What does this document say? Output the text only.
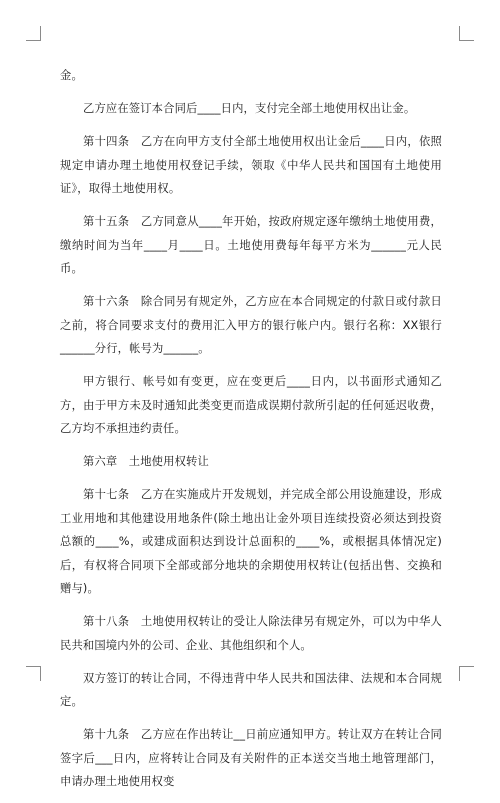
金。

乙方应在签订本合同后____日内，支付完全部土地使用权出让金。

第十四条　乙方在向甲方支付全部土地使用权出让金后____日内，依照规定申请办理土地使用权登记手续，领取《中华人民共和国国有土地使用证》，取得土地使用权。

第十五条　乙方同意从____年开始，按政府规定逐年缴纳土地使用费，缴纳时间为当年____月____日。土地使用费每年每平方米为______元人民币。

第十六条　除合同另有规定外，乙方应在本合同规定的付款日或付款日之前，将合同要求支付的费用汇入甲方的银行帐户内。银行名称：XX银行______分行，帐号为______。

甲方银行、帐号如有变更，应在变更后____日内，以书面形式通知乙方，由于甲方未及时通知此类变更而造成误期付款所引起的任何延迟收费，乙方均不承担违约责任。

第六章　土地使用权转让

第十七条　乙方在实施成片开发规划，并完成全部公用设施建设，形成工业用地和其他建设用地条件(除土地出让金外项目连续投资必须达到投资总额的____%，或建成面积达到设计总面积的____%，或根据具体情况定)后，有权将合同项下全部或部分地块的余期使用权转让(包括出售、交换和赠与)。

第十八条　土地使用权转让的受让人除法律另有规定外，可以为中华人民共和国境内外的公司、企业、其他组织和个人。

双方签订的转让合同，不得违背中华人民共和国法律、法规和本合同规定。

第十九条　乙方应在作出转让__日前应通知甲方。转让双方在转让合同签字后___日内，应将转让合同及有关附件的正本送交当地土地管理部门，申请办理土地使用权变
